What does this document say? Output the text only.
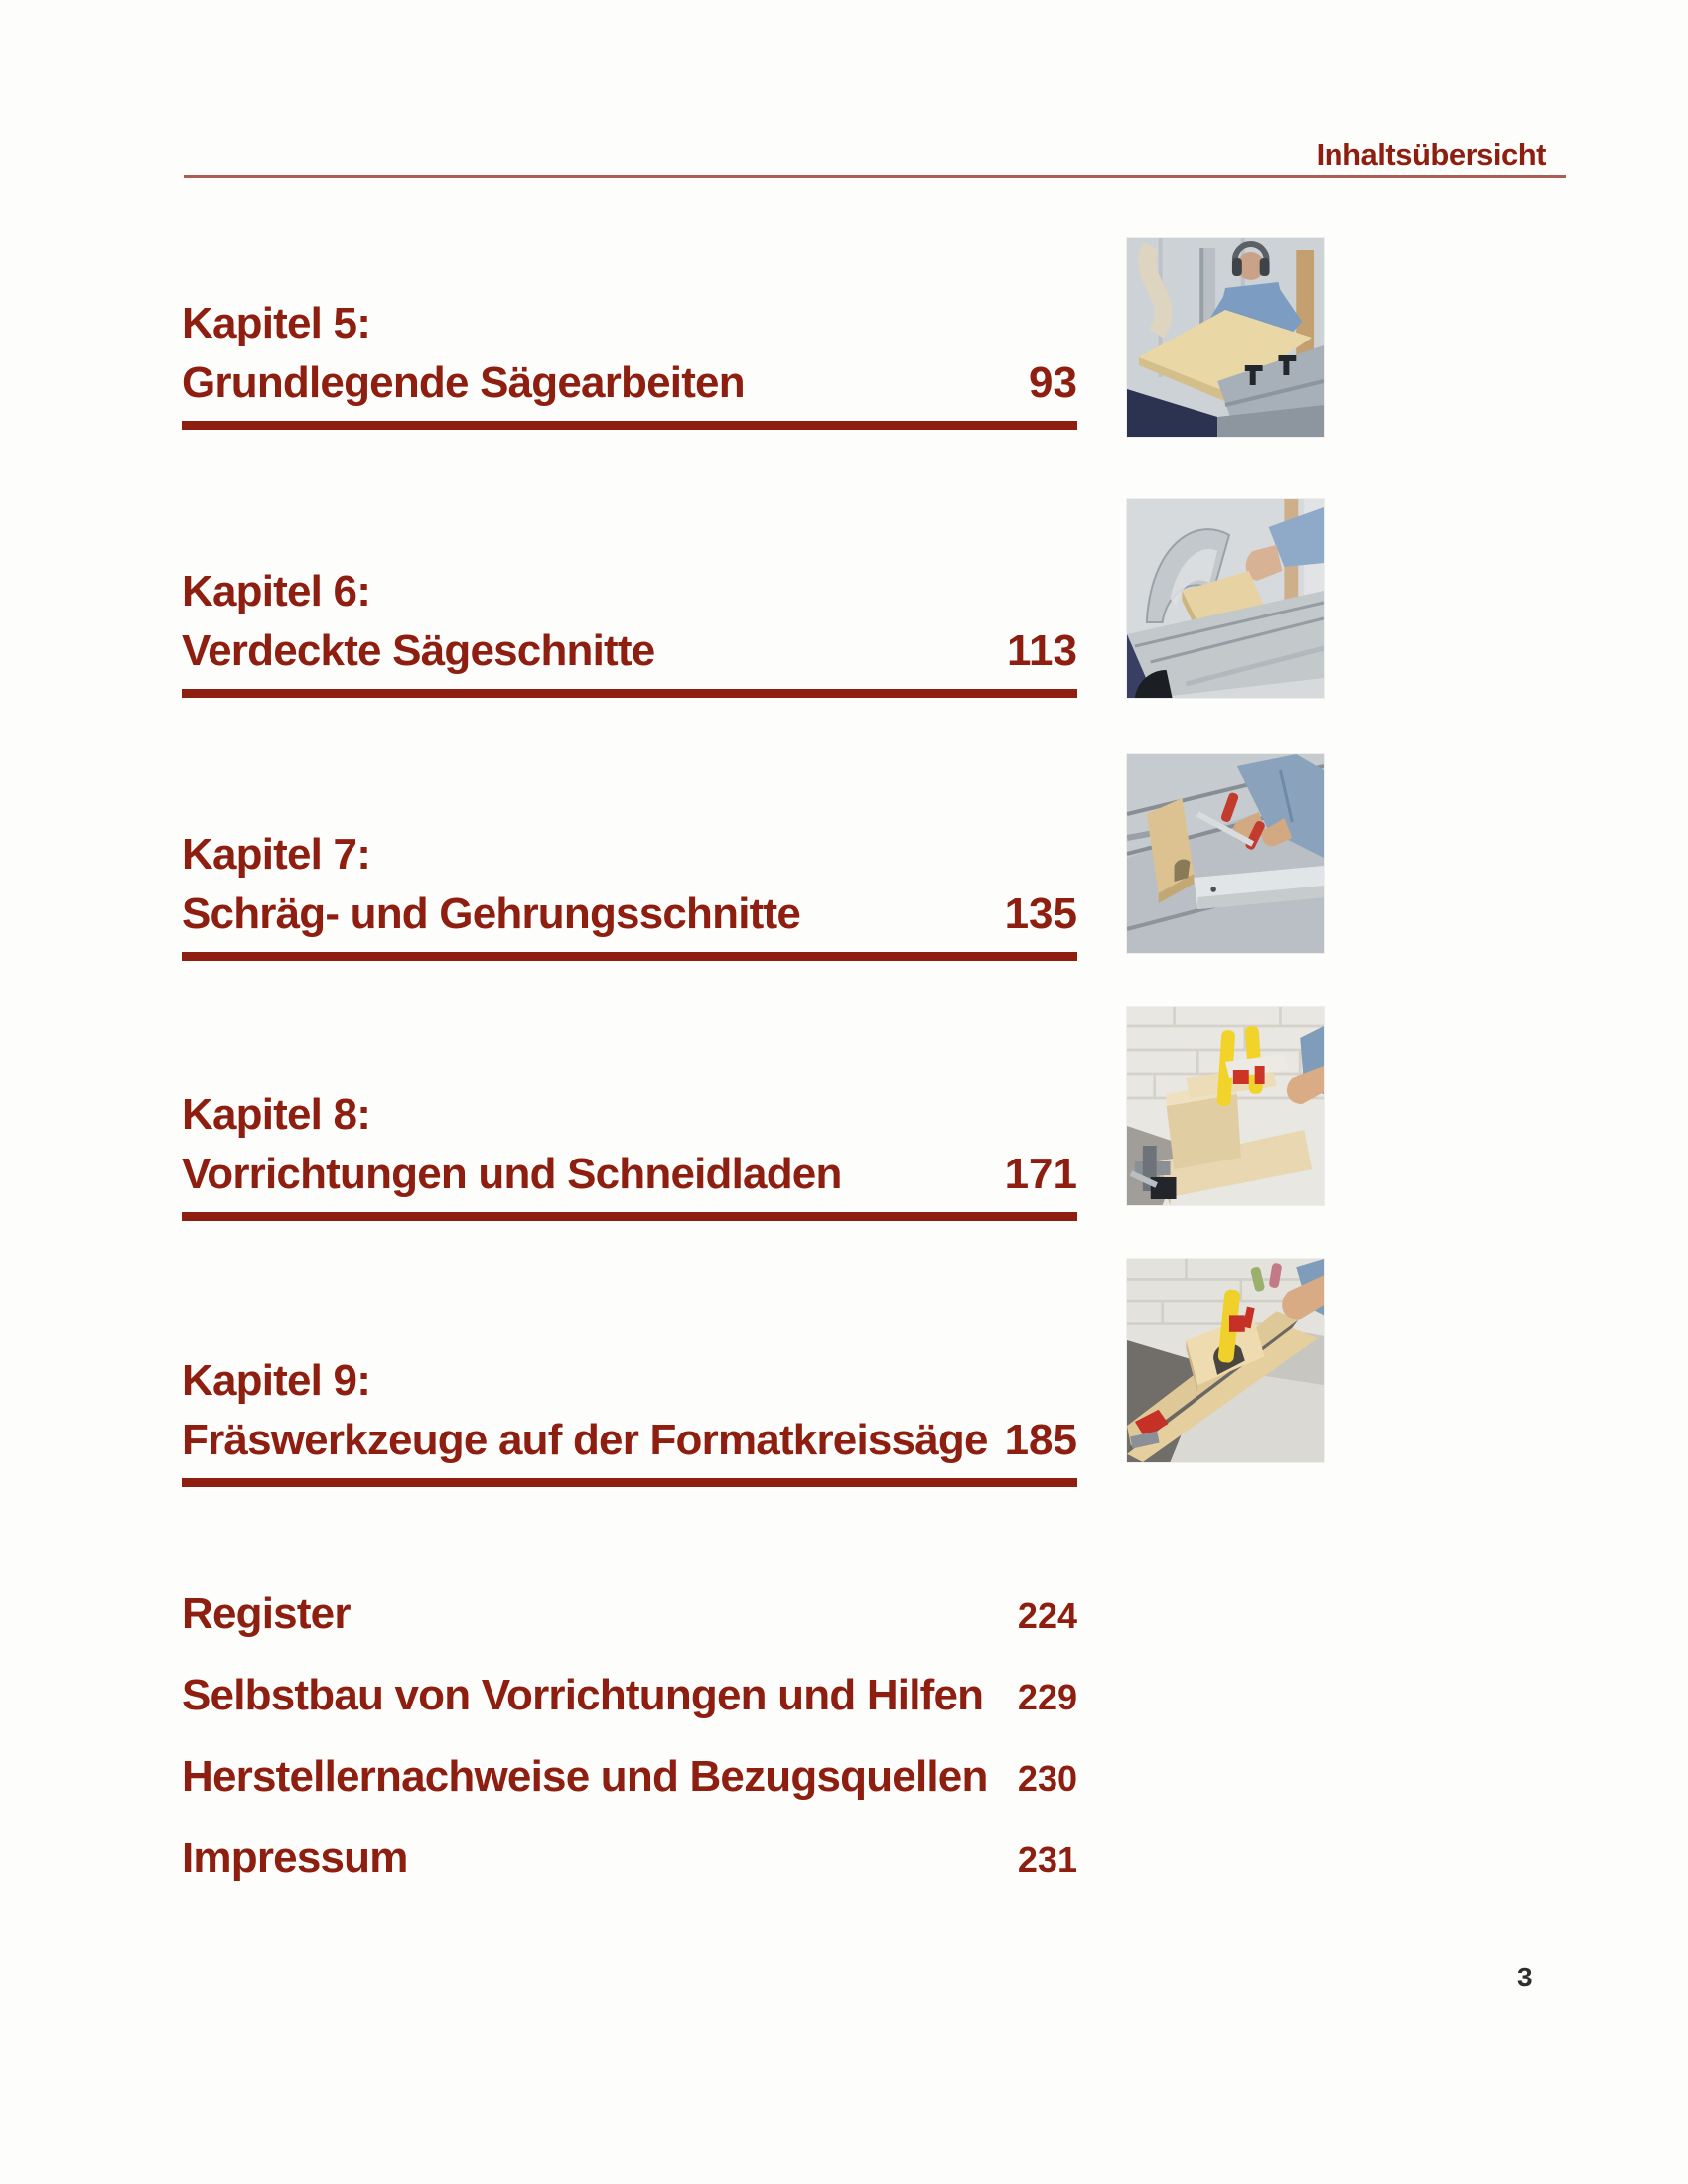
Inhaltsübersicht
Kapitel 5:
Grundlegende Sägearbeiten	93
Kapitel 6:
Verdeckte Sägeschnitte	113
Kapitel 7:
Schräg- und Gehrungsschnitte	135
Kapitel 8:
Vorrichtungen und Schneidladen	171
Kapitel 9:
Fräswerkzeuge auf der Formatkreissäge 185
Register	224
Selbstbau von Vorrichtungen und Hilfen 229
Herstellernachweise und Bezugsquellen 230
Impressum	231
3
